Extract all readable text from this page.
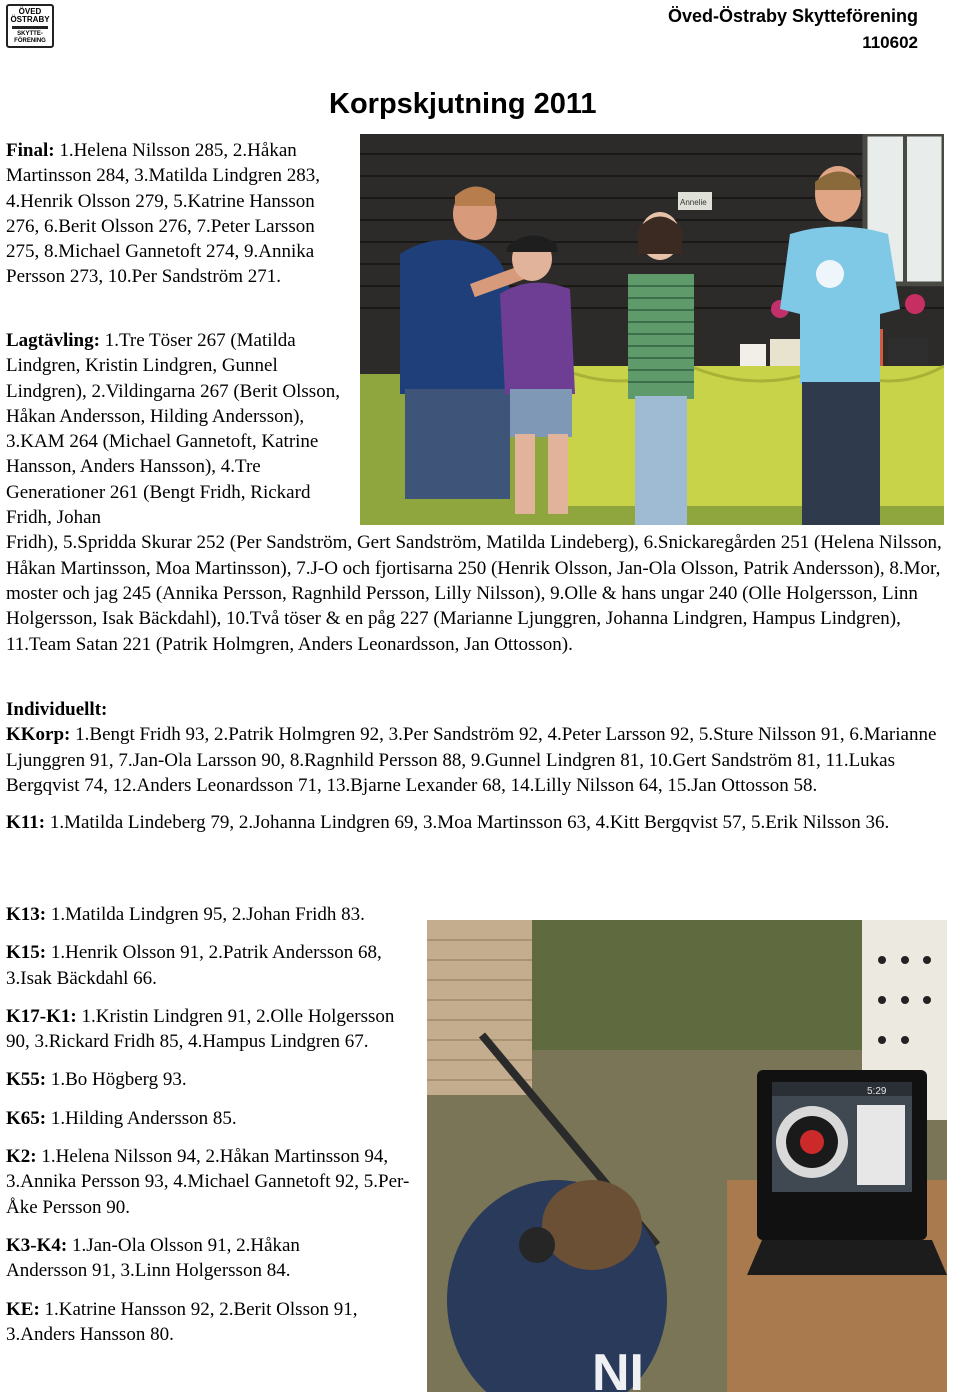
ÖVED
ÖSTRABY
SKYTTE-
FÖRENING
Öved-Östraby Skytteförening
110602
Korpskjutning 2011
Annelie
Final: 1.Helena Nilsson 285, 2.Håkan Martinsson 284, 3.Matilda Lindgren 283, 4.Henrik Olsson 279, 5.Katrine Hansson 276, 6.Berit Olsson 276, 7.Peter Larsson 275, 8.Michael Gannetoft 274, 9.Annika Persson 273, 10.Per Sandström 271.
Lagtävling: 1.Tre Töser 267 (Matilda Lindgren, Kristin Lindgren, Gunnel Lindgren), 2.Vildingarna 267 (Berit Olsson, Håkan Andersson, Hilding Andersson), 3.KAM 264 (Michael Gannetoft, Katrine Hansson, Anders Hansson), 4.Tre Generationer 261 (Bengt Fridh, Rickard Fridh, Johan
Fridh), 5.Spridda Skurar 252 (Per Sandström, Gert Sandström, Matilda Lindeberg), 6.Snickaregården 251 (Helena Nilsson, Håkan Martinsson, Moa Martinsson), 7.J-O och fjortisarna 250 (Henrik Olsson, Jan-Ola Olsson, Patrik Andersson), 8.Mor, moster och jag 245 (Annika Persson, Ragnhild Persson, Lilly Nilsson), 9.Olle & hans ungar 240 (Olle Holgersson, Linn Holgersson, Isak Bäckdahl), 10.Två töser & en påg 227 (Marianne Ljunggren, Johanna Lindgren, Hampus Lindgren), 11.Team Satan 221 (Patrik Holmgren, Anders Leonardsson, Jan Ottosson).
Individuellt:
KKorp: 1.Bengt Fridh 93, 2.Patrik Holmgren 92, 3.Per Sandström 92, 4.Peter Larsson 92, 5.Sture Nilsson 91, 6.Marianne Ljunggren 91, 7.Jan-Ola Larsson 90, 8.Ragnhild Persson 88, 9.Gunnel Lindgren 81, 10.Gert Sandström 81, 11.Lukas Bergqvist 74, 12.Anders Leonardsson 71, 13.Bjarne Lexander 68, 14.Lilly Nilsson 64, 15.Jan Ottosson 58.
K11: 1.Matilda Lindeberg 79, 2.Johanna Lindgren 69, 3.Moa Martinsson 63, 4.Kitt Bergqvist 57, 5.Erik Nilsson 36.
K13: 1.Matilda Lindgren 95, 2.Johan Fridh 83.
K15: 1.Henrik Olsson 91, 2.Patrik Andersson 68, 3.Isak Bäckdahl 66.
K17-K1: 1.Kristin Lindgren 91, 2.Olle Holgersson 90, 3.Rickard Fridh 85, 4.Hampus Lindgren 67.
K55: 1.Bo Högberg 93.
K65: 1.Hilding Andersson 85.
K2: 1.Helena Nilsson 94, 2.Håkan Martinsson 94, 3.Annika Persson 93, 4.Michael Gannetoft 92, 5.Per-Åke Persson 90.
K3-K4: 1.Jan-Ola Olsson 91, 2.Håkan Andersson 91, 3.Linn Holgersson 84.
KE: 1.Katrine Hansson 92, 2.Berit Olsson 91, 3.Anders Hansson 80.
5:29
NI
